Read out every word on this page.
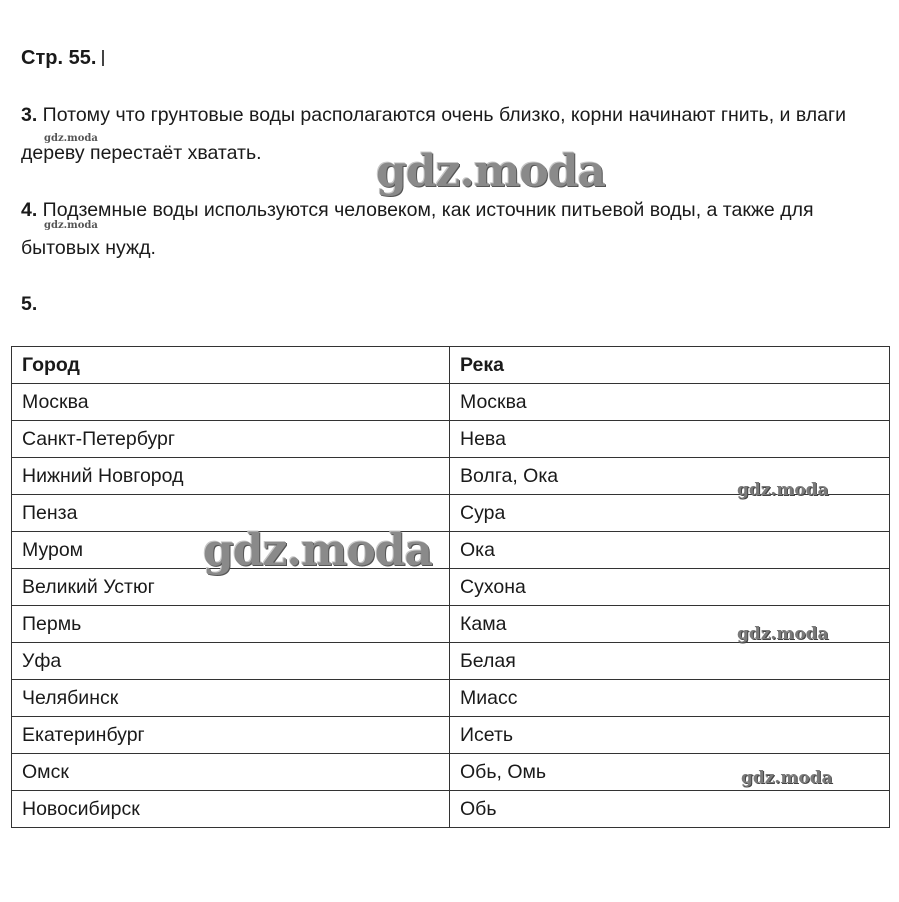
Стр. 55.
3. Потому что грунтовые воды располагаются очень близко, корни начинают гнить, и влаги дереву перестаёт хватать.
4. Подземные воды используются человеком, как источник питьевой воды, а также для бытовых нужд.
5.
Город	Река
Москва	Москва
Санкт-Петербург	Нева
Нижний Новгород	Волга, Ока
Пенза	Сура
Муром	Ока
Великий Устюг	Сухона
Пермь	Кама
Уфа	Белая
Челябинск	Миасс
Екатеринбург	Исеть
Омск	Обь, Омь
Новосибирск	Обь
gdz.moda
gdz.moda
gdz.moda
gdz.moda
gdz.moda
gdz.moda
gdz.moda
